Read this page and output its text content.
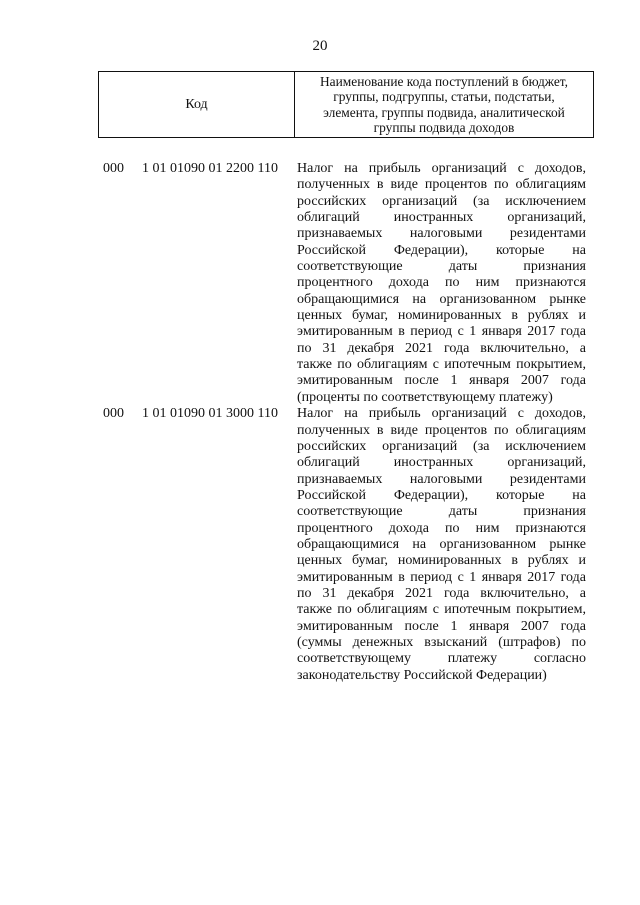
20
Код
Наименование кода поступлений в бюджет,
группы, подгруппы, статьи, подстатьи,
элемента, группы подвида, аналитической
группы подвида доходов
000 1 01 01090 01 2200 110 Налог на прибыль организаций с доходов,
полученных в виде процентов по облигациям
российских организаций (за исключением
облигаций иностранных организаций,
признаваемых налоговыми резидентами
Российской Федерации), которые на
соответствующие даты признания
процентного дохода по ним признаются
обращающимися на организованном рынке
ценных бумаг, номинированных в рублях и
эмитированным в период с 1 января 2017 года
по 31 декабря 2021 года включительно, а
также по облигациям с ипотечным покрытием,
эмитированным после 1 января 2007 года
(проценты по соответствующему платежу)
000 1 01 01090 01 3000 110 Налог на прибыль организаций с доходов,
полученных в виде процентов по облигациям
российских организаций (за исключением
облигаций иностранных организаций,
признаваемых налоговыми резидентами
Российской Федерации), которые на
соответствующие даты признания
процентного дохода по ним признаются
обращающимися на организованном рынке
ценных бумаг, номинированных в рублях и
эмитированным в период с 1 января 2017 года
по 31 декабря 2021 года включительно, а
также по облигациям с ипотечным покрытием,
эмитированным после 1 января 2007 года
(суммы денежных взысканий (штрафов) по
соответствующему платежу согласно
законодательству Российской Федерации)
